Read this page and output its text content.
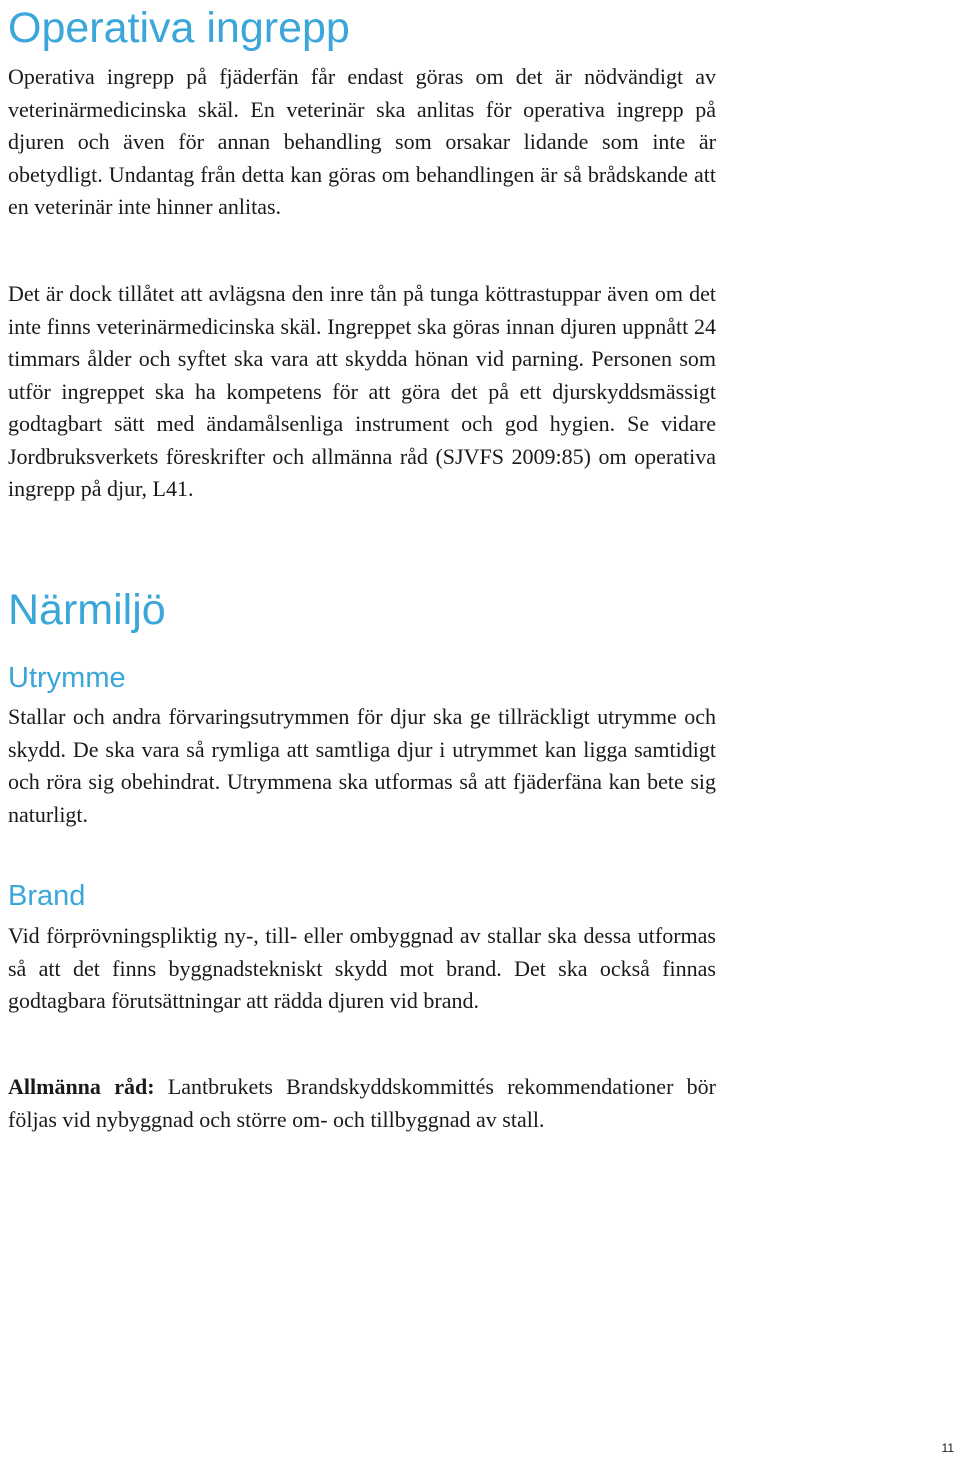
Operativa ingrepp

Operativa ingrepp på fjäderfän får endast göras om det är nödvändigt av veterinärmedicinska skäl. En veterinär ska anlitas för operativa ingrepp på djuren och även för annan behandling som orsakar lidande som inte är obetydligt. Undantag från detta kan göras om behandlingen är så brådskande att en veterinär inte hinner anlitas.

Det är dock tillåtet att avlägsna den inre tån på tunga köttrastuppar även om det inte finns veterinärmedicinska skäl. Ingreppet ska göras innan djuren uppnått 24 timmars ålder och syftet ska vara att skydda hönan vid parning. Personen som utför ingreppet ska ha kompetens för att göra det på ett djurskyddsmässigt godtagbart sätt med ändamålsenliga instrument och god hygien. Se vidare Jordbruksverkets föreskrifter och allmänna råd (SJVFS 2009:85) om operativa ingrepp på djur, L41.

Närmiljö
Utrymme

Stallar och andra förvaringsutrymmen för djur ska ge tillräckligt utrymme och skydd. De ska vara så rymliga att samtliga djur i utrymmet kan ligga samtidigt och röra sig obehindrat. Utrymmena ska utformas så att fjäderfäna kan bete sig naturligt.

Brand

Vid förprövningspliktig ny-, till- eller ombyggnad av stallar ska dessa utformas så att det finns byggnadstekniskt skydd mot brand. Det ska också finnas godtagbara förutsättningar att rädda djuren vid brand.

Allmänna råd: Lantbrukets Brandskyddskommittés rekommendationer bör följas vid nybyggnad och större om- och tillbyggnad av stall.

11
